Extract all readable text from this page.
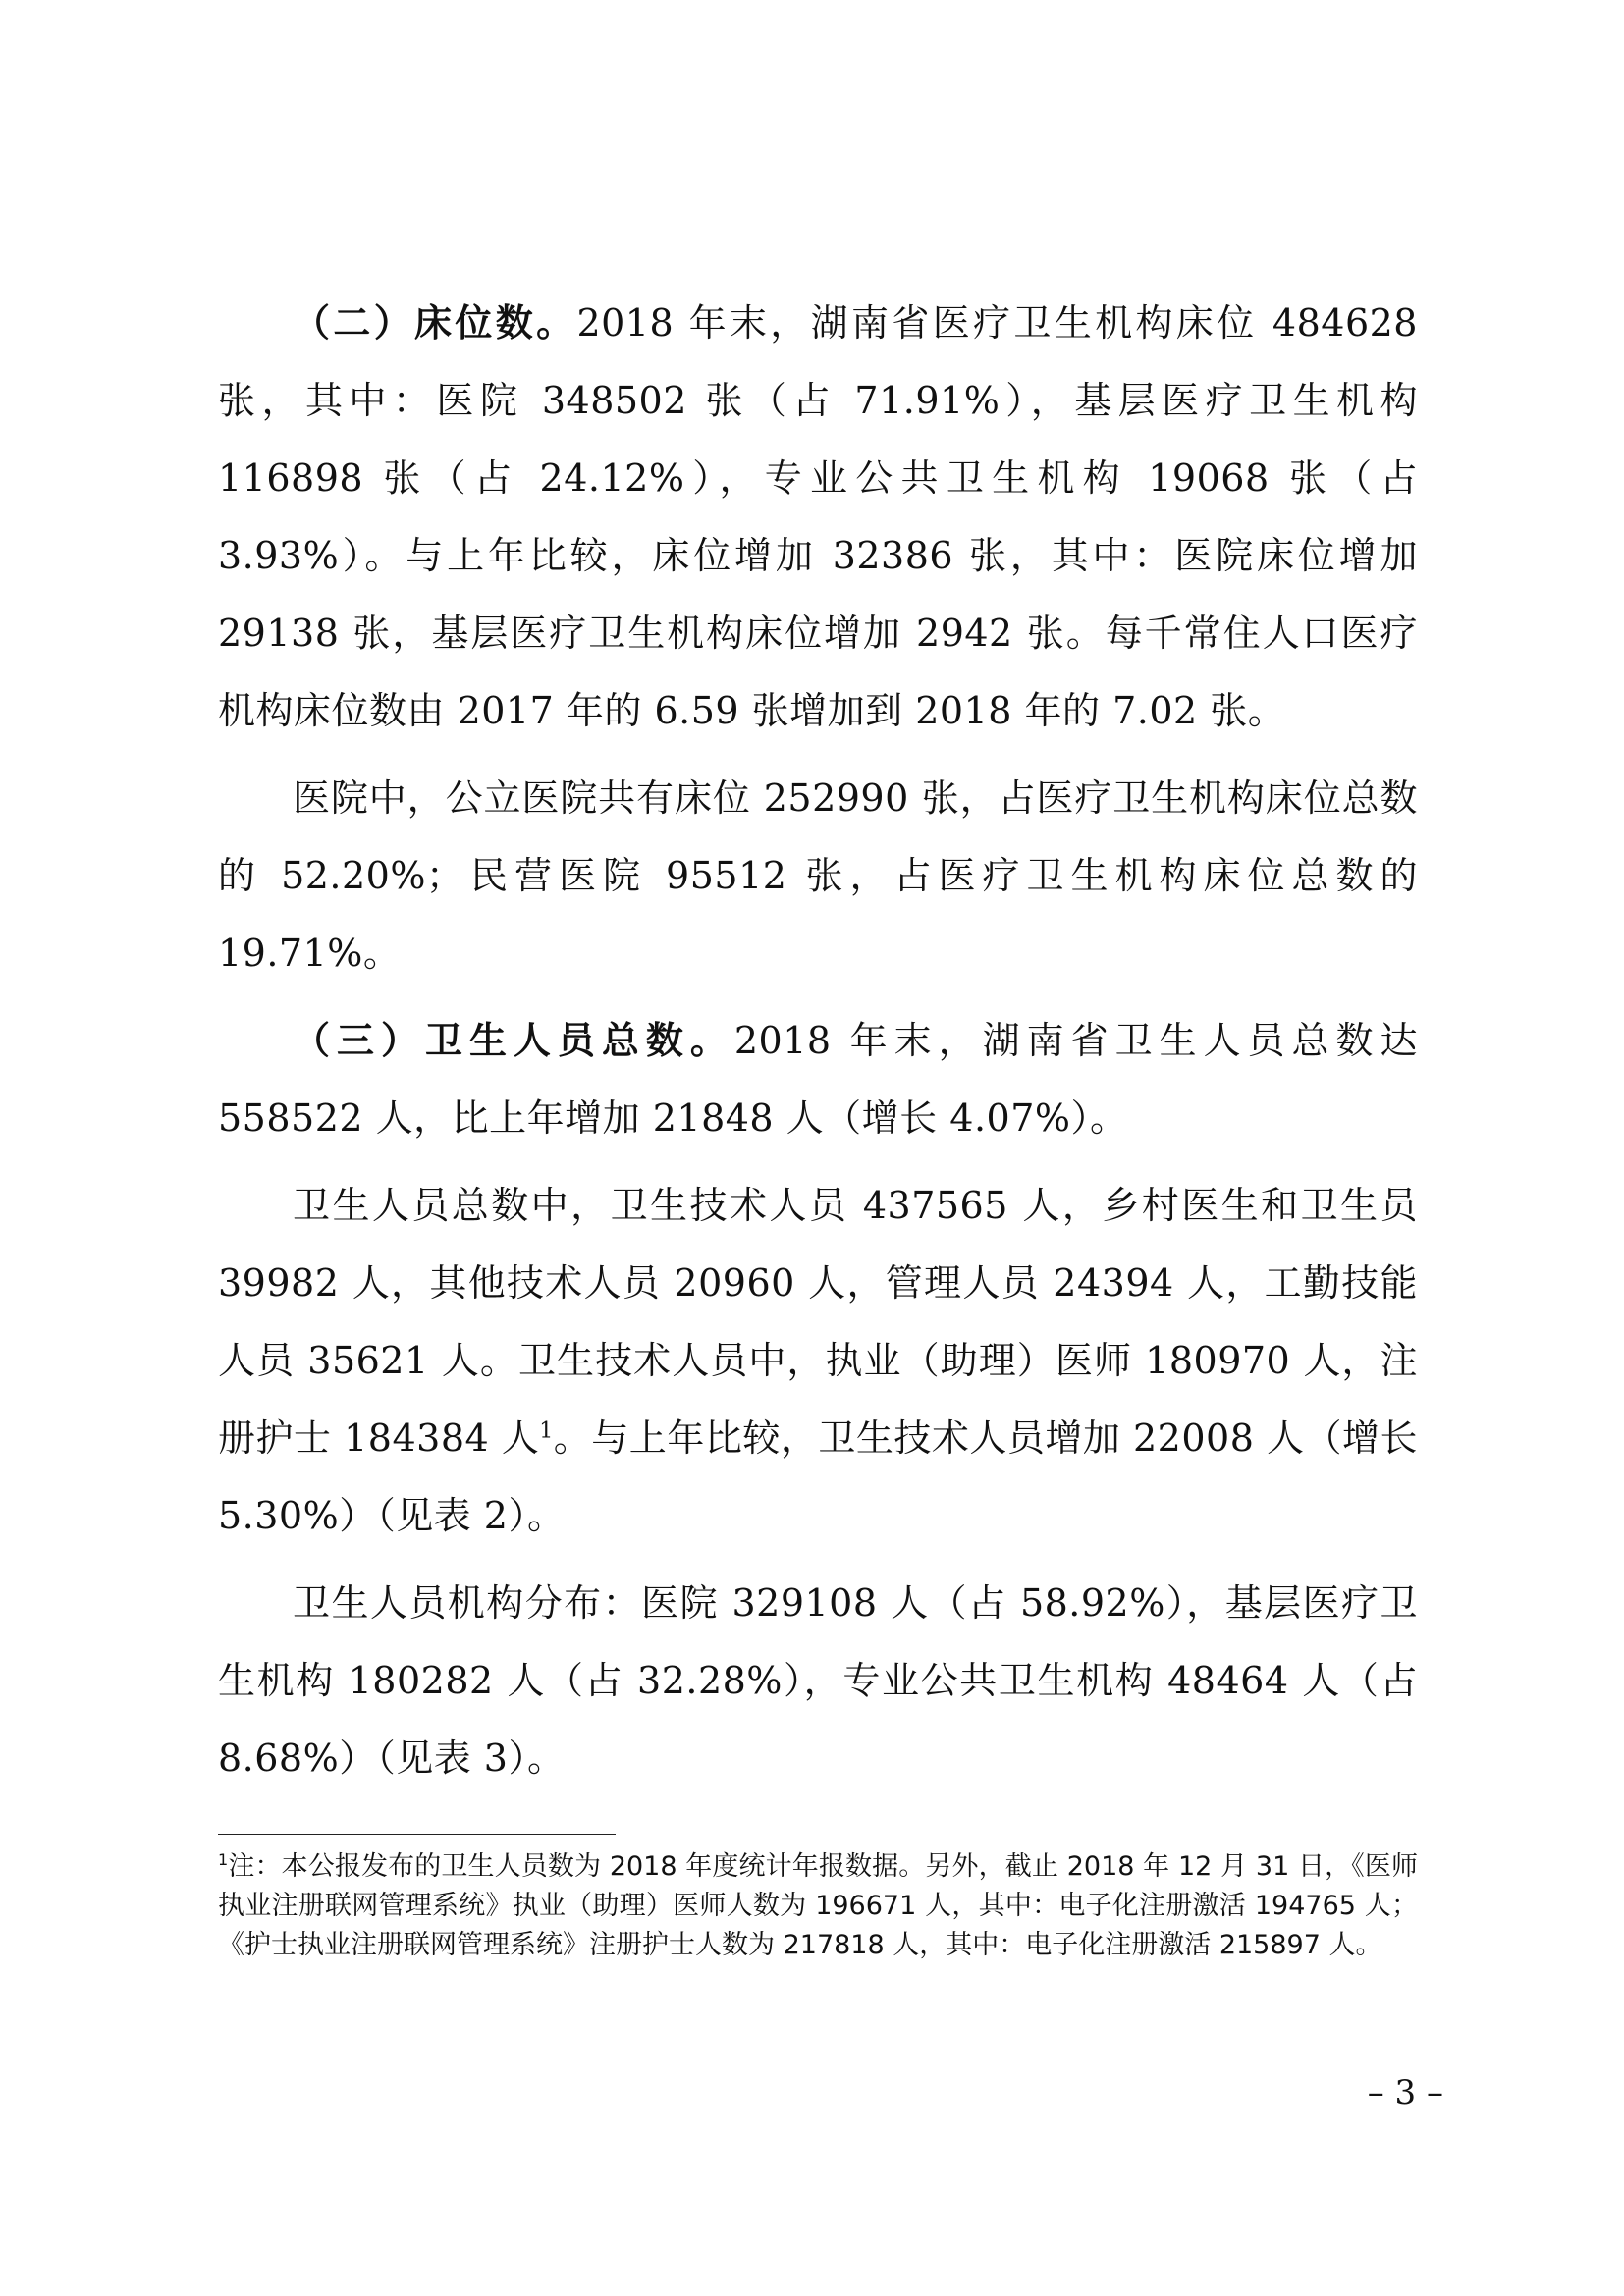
（二）床位数。2018 年末，湖南省医疗卫生机构床位 484628 张，其中：医院 348502 张（占 71.91%），基层医疗卫生机构 116898 张（占 24.12%），专业公共卫生机构 19068 张（占 3.93%）。与上年比较，床位增加 32386 张，其中：医院床位增加 29138 张，基层医疗卫生机构床位增加 2942 张。每千常住人口医疗机构床位数由 2017 年的 6.59 张增加到 2018 年的 7.02 张。

医院中，公立医院共有床位 252990 张，占医疗卫生机构床位总数的 52.20%；民营医院 95512 张，占医疗卫生机构床位总数的 19.71%。

（三）卫生人员总数。2018 年末，湖南省卫生人员总数达 558522 人，比上年增加 21848 人（增长 4.07%）。

卫生人员总数中，卫生技术人员 437565 人，乡村医生和卫生员 39982 人，其他技术人员 20960 人，管理人员 24394 人，工勤技能人员 35621 人。卫生技术人员中，执业（助理）医师 180970 人，注册护士 184384 人$^1$。与上年比较，卫生技术人员增加 22008 人（增长 5.30%）（见表 2）。

卫生人员机构分布：医院 329108 人（占 58.92%），基层医疗卫生机构 180282 人（占 32.28%），专业公共卫生机构 48464 人（占 8.68%）（见表 3）。

$^1$注：本公报发布的卫生人员数为 2018 年度统计年报数据。另外，截止 2018 年 12 月 31 日，《医师执业注册联网管理系统》执业（助理）医师人数为 196671 人，其中：电子化注册激活 194765 人；《护士执业注册联网管理系统》注册护士人数为 217818 人，其中：电子化注册激活 215897 人。

– 3 –
